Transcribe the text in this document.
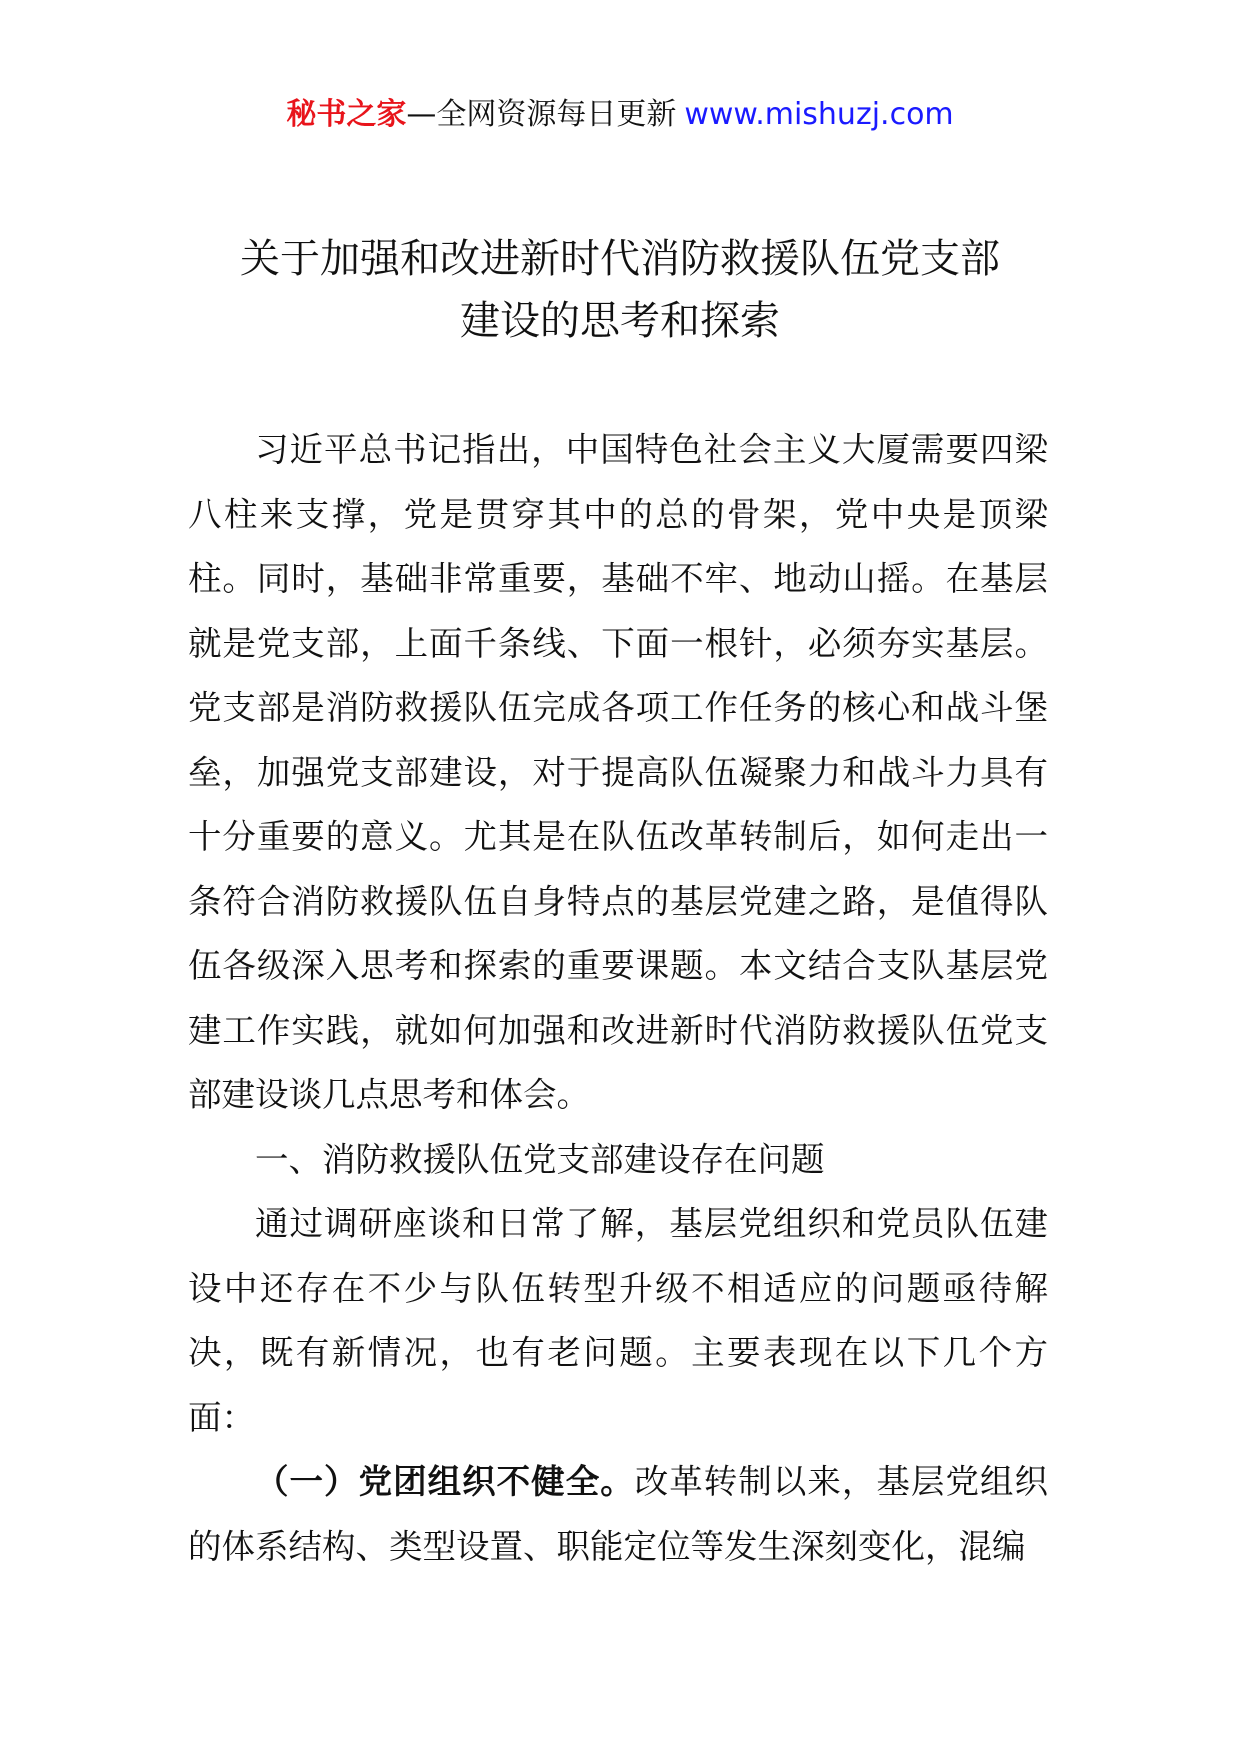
秘书之家—全网资源每日更新 www.mishuzj.com
关于加强和改进新时代消防救援队伍党支部
建设的思考和探索

习近平总书记指出，中国特色社会主义大厦需要四梁八柱来支撑，党是贯穿其中的总的骨架，党中央是顶梁柱。同时，基础非常重要，基础不牢、地动山摇。在基层就是党支部，上面千条线、下面一根针，必须夯实基层。党支部是消防救援队伍完成各项工作任务的核心和战斗堡垒，加强党支部建设，对于提高队伍凝聚力和战斗力具有十分重要的意义。尤其是在队伍改革转制后，如何走出一条符合消防救援队伍自身特点的基层党建之路，是值得队伍各级深入思考和探索的重要课题。本文结合支队基层党建工作实践，就如何加强和改进新时代消防救援队伍党支部建设谈几点思考和体会。

一、消防救援队伍党支部建设存在问题

通过调研座谈和日常了解，基层党组织和党员队伍建设中还存在不少与队伍转型升级不相适应的问题亟待解决，既有新情况，也有老问题。主要表现在以下几个方面：

（一）党团组织不健全。改革转制以来，基层党组织的体系结构、类型设置、职能定位等发生深刻变化，混编
